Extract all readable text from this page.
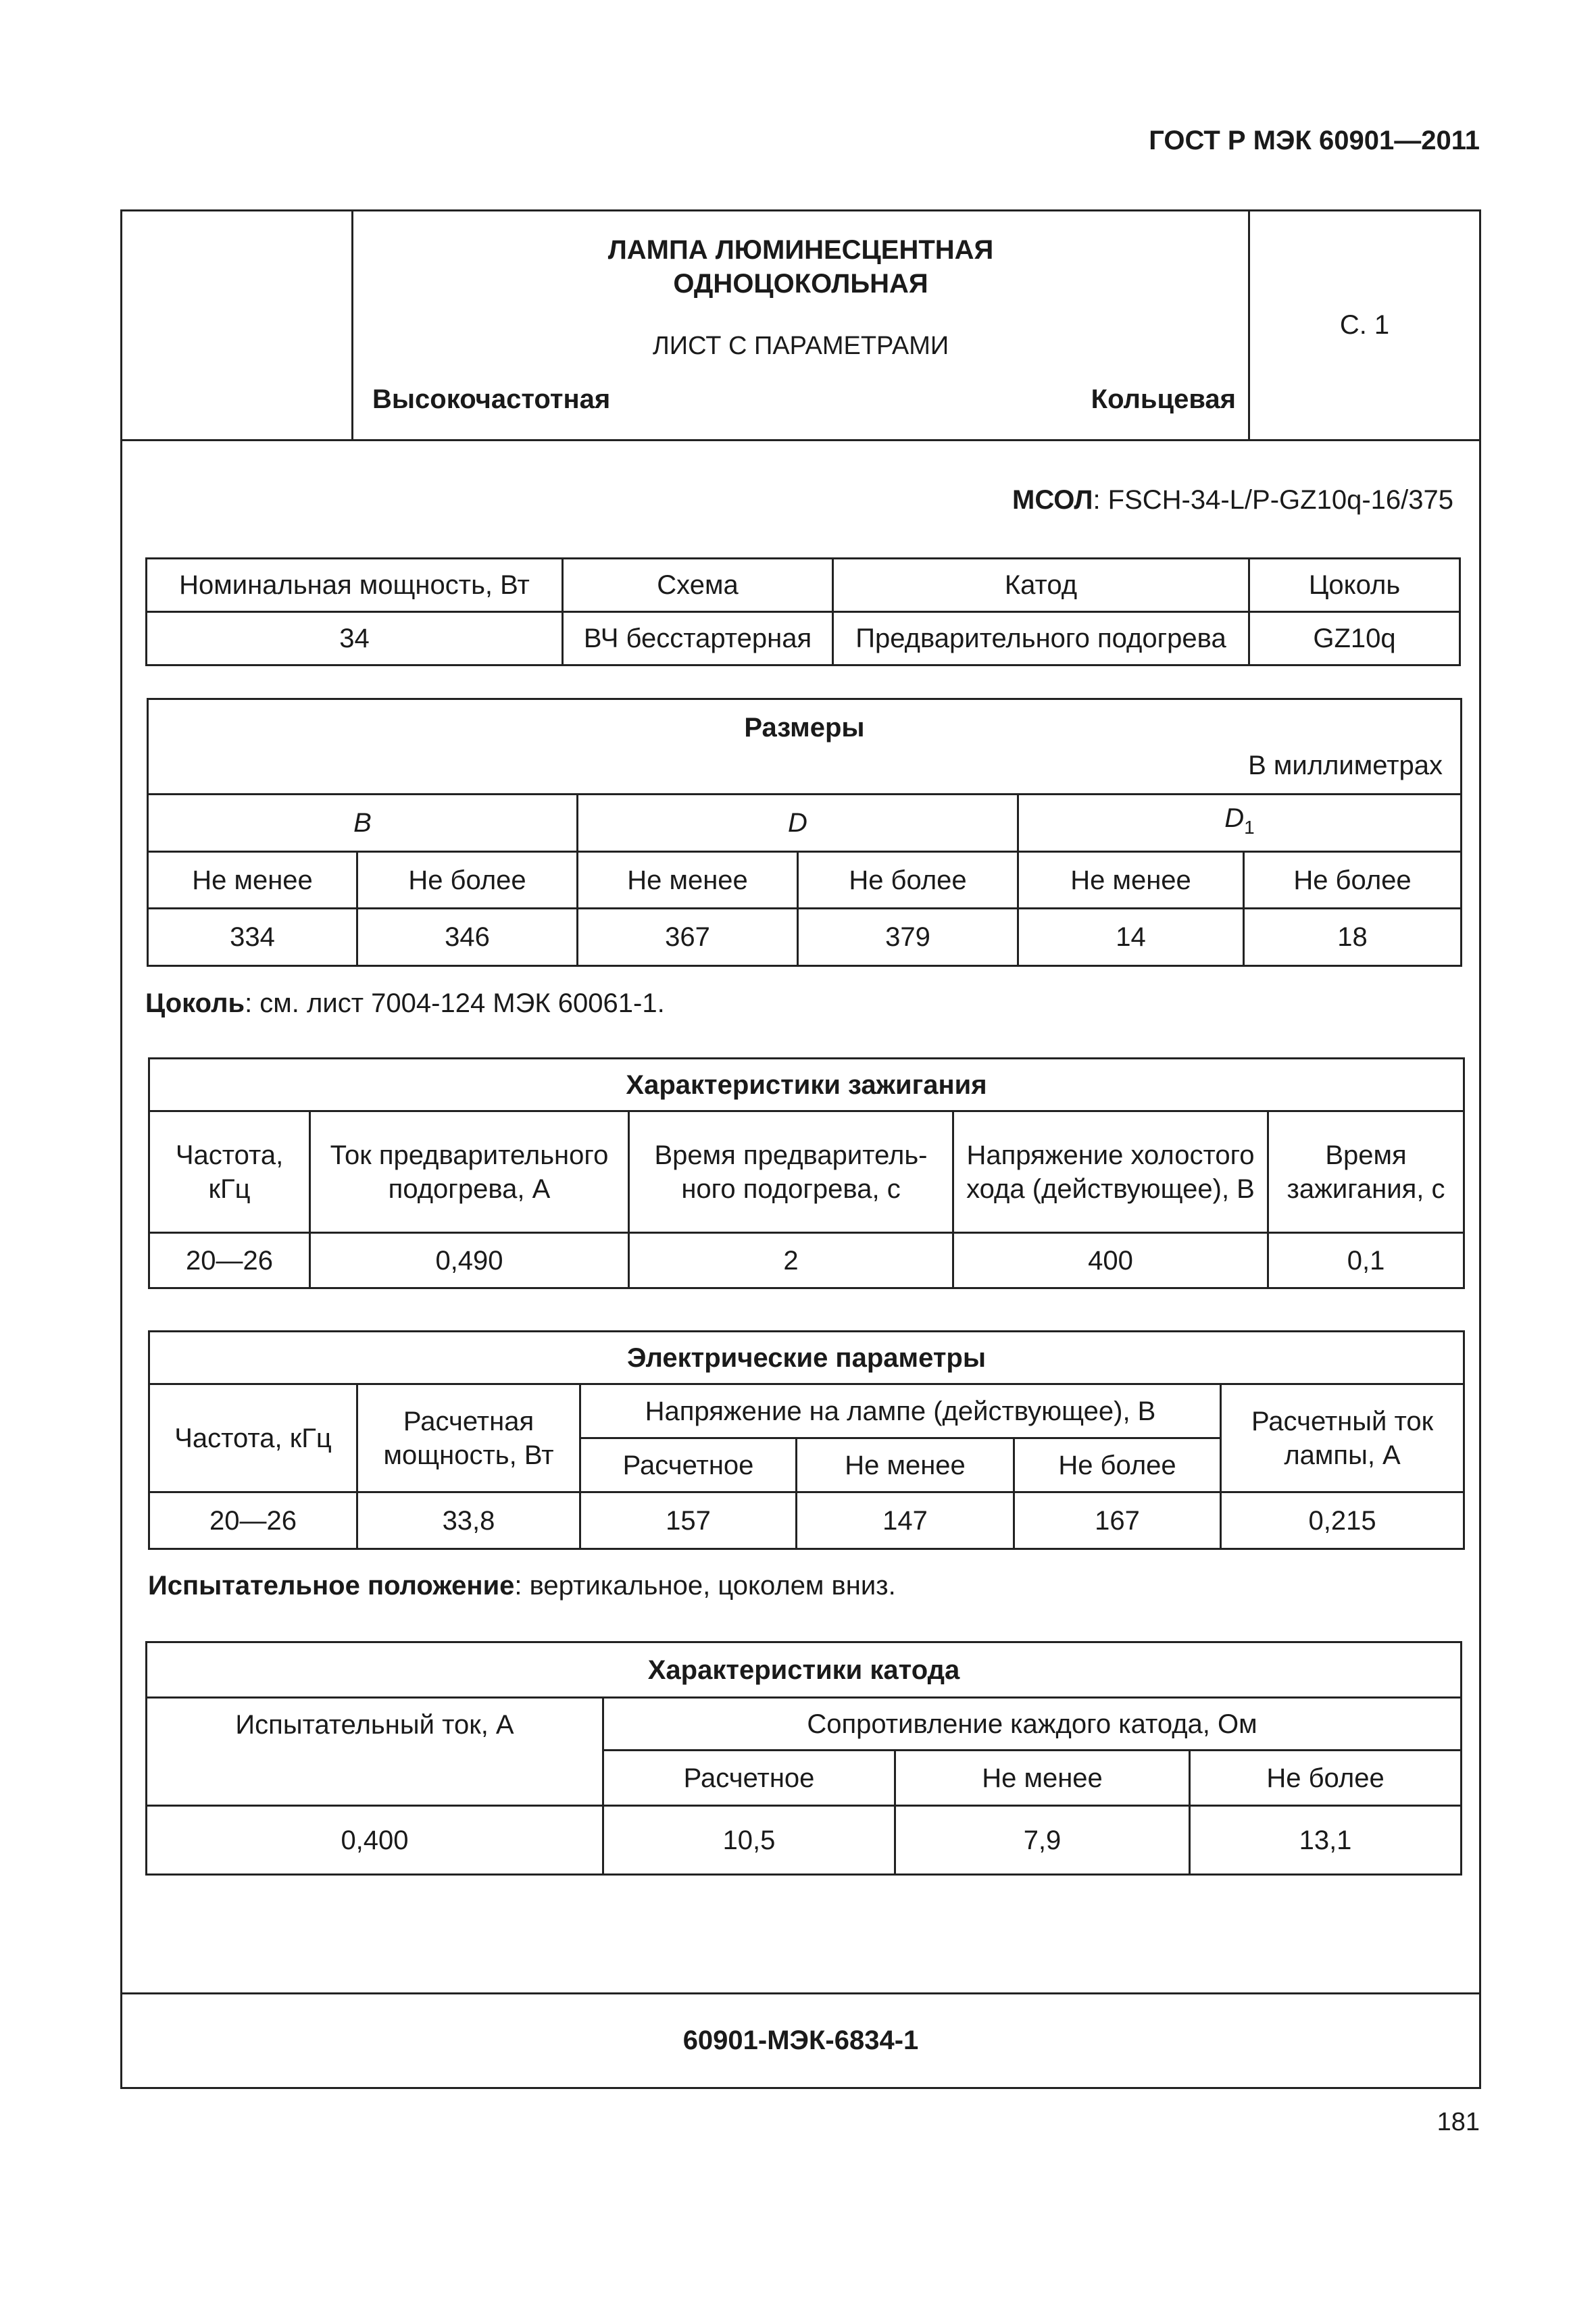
ГОСТ Р МЭК 60901—2011
ЛАМПА ЛЮМИНЕСЦЕНТНАЯ
ОДНОЦОКОЛЬНАЯ
ЛИСТ С ПАРАМЕТРАМИ
Высокочастотная	Кольцевая
С. 1
МСОЛ: FSCH-34-L/P-GZ10q-16/375
Номинальная мощность, Вт	Схема	Катод	Цоколь
34	ВЧ бесстартерная	Предварительного подогрева	GZ10q
Размеры
В миллиметрах					

B		D		$D_1$
Не менее	Не более	Не менее	Не более	Не менее	Не более
334	346	367	379	14	18
Цоколь: см. лист 7004-124 МЭК 60061-1.
Характеристики зажигания				
Частота, кГц	Ток предварительного подогрева, А	Время предваритель-ного подогрева, с	Напряжение холостого хода (действующее), В	Время зажигания, с
20—26	0,490	2	400	0,1
Электрические параметры					
Частота, кГц	Расчетная мощность, Вт	Напряжение на лампе (действующее), В			Расчетный ток лампы, А
		Расчетное	Не менее	Не более	
20—26	33,8	157	147	167	0,215
Испытательное положение: вертикальное, цоколем вниз.
Характеристики катода			
Испытательный ток, А	Сопротивление каждого катода, Ом		
	Расчетное	Не менее	Не более
0,400	10,5	7,9	13,1
60901-МЭК-6834-1
181
